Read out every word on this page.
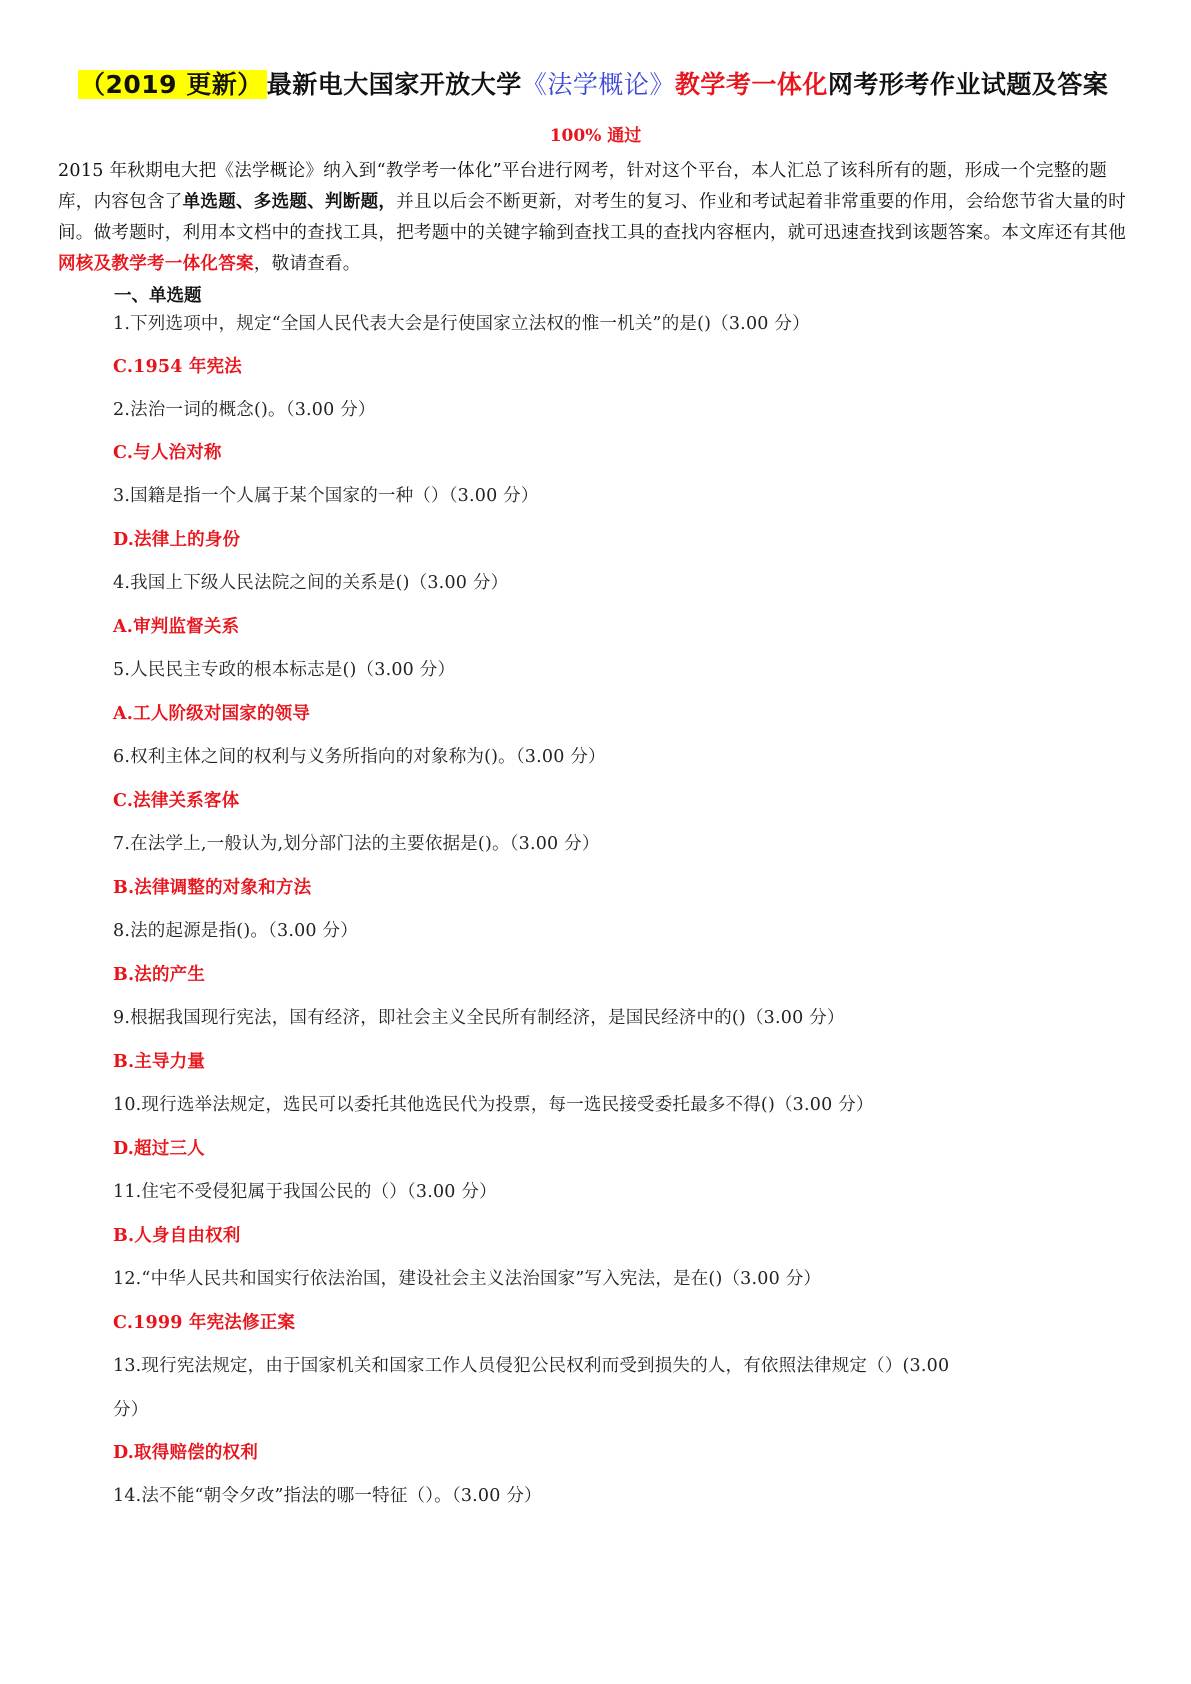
（2019 更新） 最新电大国家开放大学《法学概论》教学考一体化网考形考作业试题及答案
100% 通过
2015 年秋期电大把《法学概论》纳入到“教学考一体化”平台进行网考，针对这个平台，本人汇总了该科所有的题，形成一个完整的题库，内容包含了单选题、多选题、判断题，并且以后会不断更新，对考生的复习、作业和考试起着非常重要的作用，会给您节省大量的时间。做考题时，利用本文档中的查找工具，把考题中的关键字输到查找工具的查找内容框内，就可迅速查找到该题答案。本文库还有其他网核及教学考一体化答案，敬请查看。
一、单选题
1.下列选项中，规定“全国人民代表大会是行使国家立法权的惟一机关”的是()（3.00 分）
C.1954 年宪法
2.法治一词的概念()。（3.00 分）
C.与人治对称
3.国籍是指一个人属于某个国家的一种（）（3.00 分）
D.法律上的身份
4.我国上下级人民法院之间的关系是()（3.00 分）
A.审判监督关系
5.人民民主专政的根本标志是()（3.00 分）
A.工人阶级对国家的领导
6.权利主体之间的权利与义务所指向的对象称为()。（3.00 分）
C.法律关系客体
7.在法学上,一般认为,划分部门法的主要依据是()。（3.00 分）
B.法律调整的对象和方法
8.法的起源是指()。（3.00 分）
B.法的产生
9.根据我国现行宪法，国有经济，即社会主义全民所有制经济，是国民经济中的()（3.00 分）
B.主导力量
10.现行选举法规定，选民可以委托其他选民代为投票，每一选民接受委托最多不得()（3.00 分）
D.超过三人
11.住宅不受侵犯属于我国公民的（）（3.00 分）
B.人身自由权利
12.“中华人民共和国实行依法治国，建设社会主义法治国家”写入宪法，是在()（3.00 分）
C.1999 年宪法修正案
13.现行宪法规定，由于国家机关和国家工作人员侵犯公民权利而受到损失的人，有依照法律规定（）(3.00
分）
D.取得赔偿的权利
14.法不能“朝令夕改”指法的哪一特征（）。（3.00 分）
